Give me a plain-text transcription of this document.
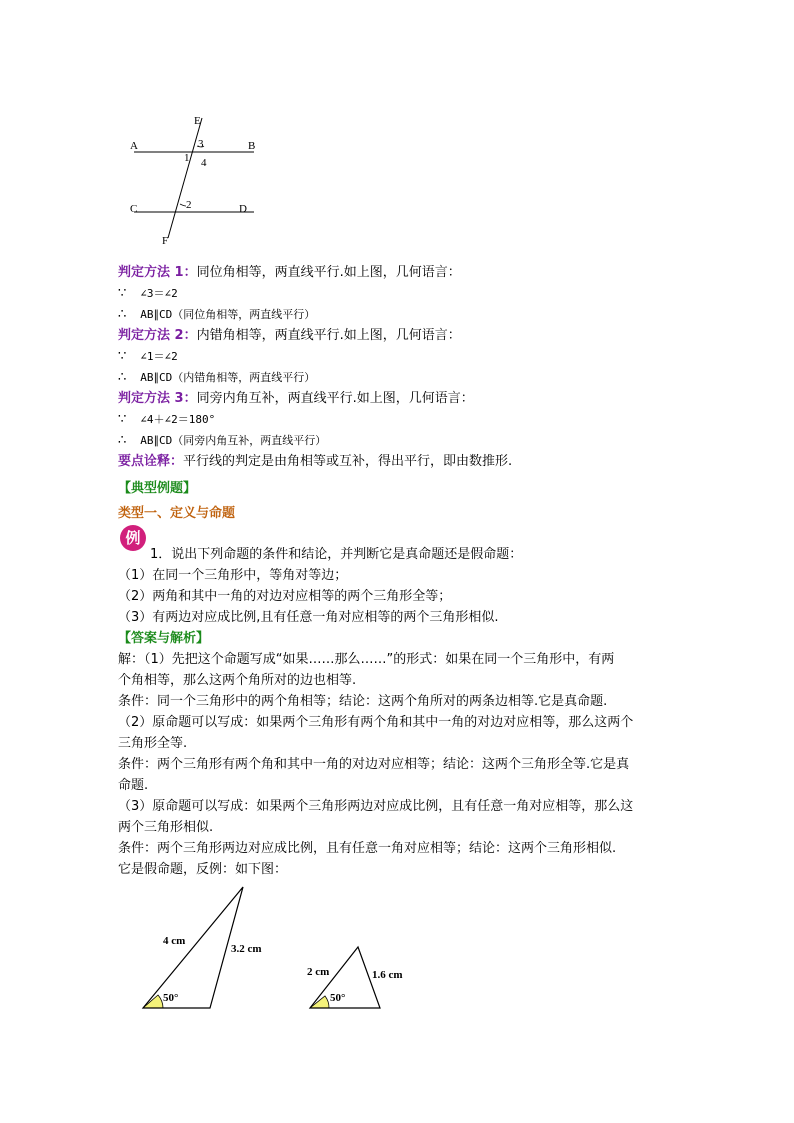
A	B
C	D
E
F
1
3
4
2
判定方法 1：同位角相等，两直线平行.如上图，几何语言：
∵ ∠3＝∠2
∴ AB∥CD（同位角相等，两直线平行）
判定方法 2：内错角相等，两直线平行.如上图，几何语言：
∵ ∠1＝∠2
∴ AB∥CD（内错角相等，两直线平行）
判定方法 3：同旁内角互补，两直线平行.如上图，几何语言：
∵ ∠4＋∠2＝180°
∴ AB∥CD（同旁内角互补，两直线平行）
要点诠释：平行线的判定是由角相等或互补，得出平行，即由数推形.
【典型例题】
类型一、定义与命题
例
1．说出下列命题的条件和结论，并判断它是真命题还是假命题：
（1）在同一个三角形中，等角对等边；
（2）两角和其中一角的对边对应相等的两个三角形全等；
（3）有两边对应成比例,且有任意一角对应相等的两个三角形相似.
【答案与解析】
解：（1）先把这个命题写成“如果……那么……”的形式：如果在同一个三角形中，有两
个角相等，那么这两个角所对的边也相等.
条件：同一个三角形中的两个角相等；结论：这两个角所对的两条边相等.它是真命题.
（2）原命题可以写成：如果两个三角形有两个角和其中一角的对边对应相等，那么这两个
三角形全等.
条件：两个三角形有两个角和其中一角的对边对应相等；结论：这两个三角形全等.它是真
命题.
（3）原命题可以写成：如果两个三角形两边对应成比例，且有任意一角对应相等，那么这
两个三角形相似.
条件：两个三角形两边对应成比例，且有任意一角对应相等；结论：这两个三角形相似.
它是假命题，反例：如下图：
4 cm
3.2 cm
50°
2 cm	1.6 cm
50°
